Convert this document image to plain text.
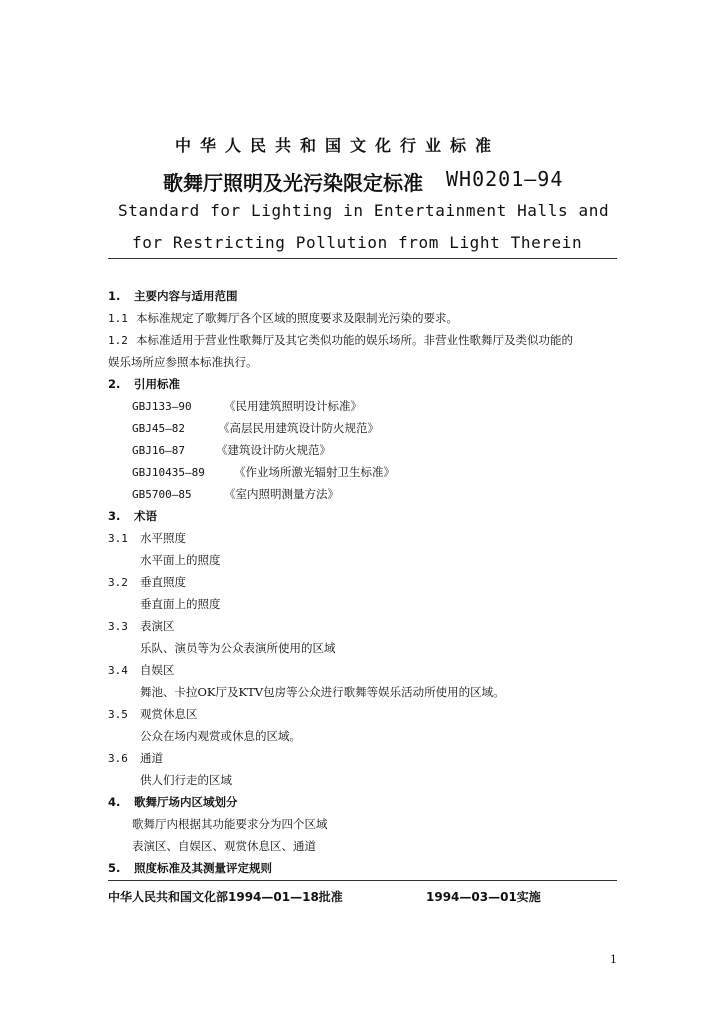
中华人民共和国文化行业标准
歌舞厅照明及光污染限定标准 WH0201—94
Standard for Lighting in Entertainment Halls and
for Restricting Pollution from Light Therein
1. 主要内容与适用范围
1.1 本标准规定了歌舞厅各个区域的照度要求及限制光污染的要求。
1.2 本标准适用于营业性歌舞厅及其它类似功能的娱乐场所。非营业性歌舞厅及类似功能的
娱乐场所应参照本标准执行。
2. 引用标准
GBJ133—90	《民用建筑照明设计标准》
GBJ45—82	《高层民用建筑设计防火规范》
GBJ16—87	《建筑设计防火规范》
GBJ10435—89	《作业场所激光辐射卫生标准》
GB5700—85	《室内照明测量方法》
3. 术语
3.1 水平照度
水平面上的照度
3.2 垂直照度
垂直面上的照度
3.3 表演区
乐队、演员等为公众表演所使用的区域
3.4 自娱区
舞池、卡拉OK厅及KTV包房等公众进行歌舞等娱乐活动所使用的区域。
3.5 观赏休息区
公众在场内观赏或休息的区域。
3.6 通道
供人们行走的区域
4. 歌舞厅场内区域划分
歌舞厅内根据其功能要求分为四个区域
表演区、自娱区、观赏休息区、通道
5. 照度标准及其测量评定规则
中华人民共和国文化部1994—01—18批准	1994—03—01实施
1
